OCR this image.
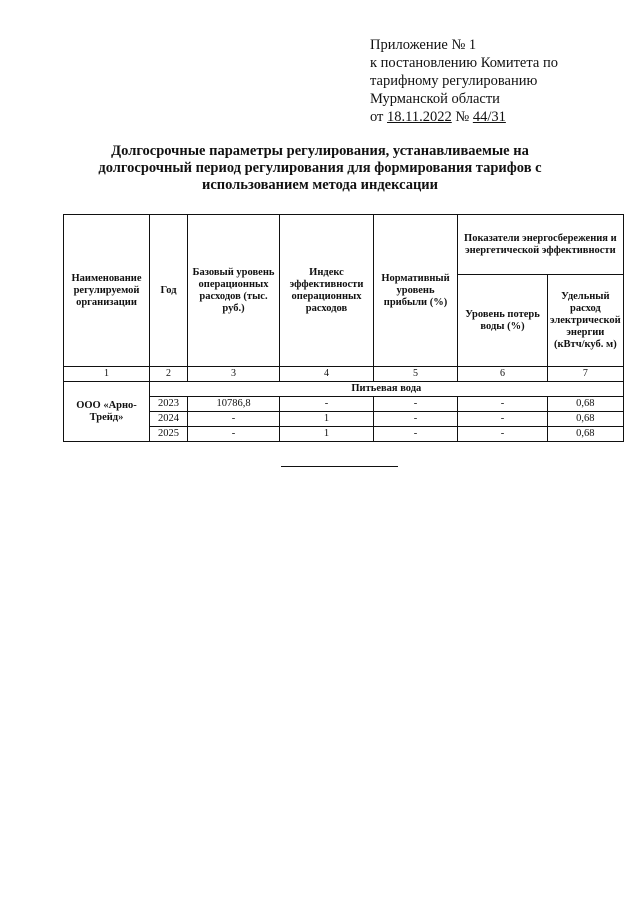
Приложение № 1
к постановлению Комитета по
тарифному регулированию
Мурманской области
от 18.11.2022 № 44/31
Долгосрочные параметры регулирования, устанавливаемые на
долгосрочный период регулирования для формирования тарифов с
использованием метода индексации
Наименование регулируемой организации	Год	Базовый уровень операционных расходов (тыс. руб.)	Индекс эффективности операционных расходов	Нормативный уровень прибыли (%)	Показатели энергосбережения и энергетической эффективности	
					Уровень потерь воды (%)	Удельный расход электрической энергии (кВтч/куб. м)
1	2	3	4	5	6	7
ООО «Арно-Трейд»	Питьевая вода					
	2023	10786,8	-	-	-	0,68
	2024	-	1	-	-	0,68
	2025	-	1	-	-	0,68
